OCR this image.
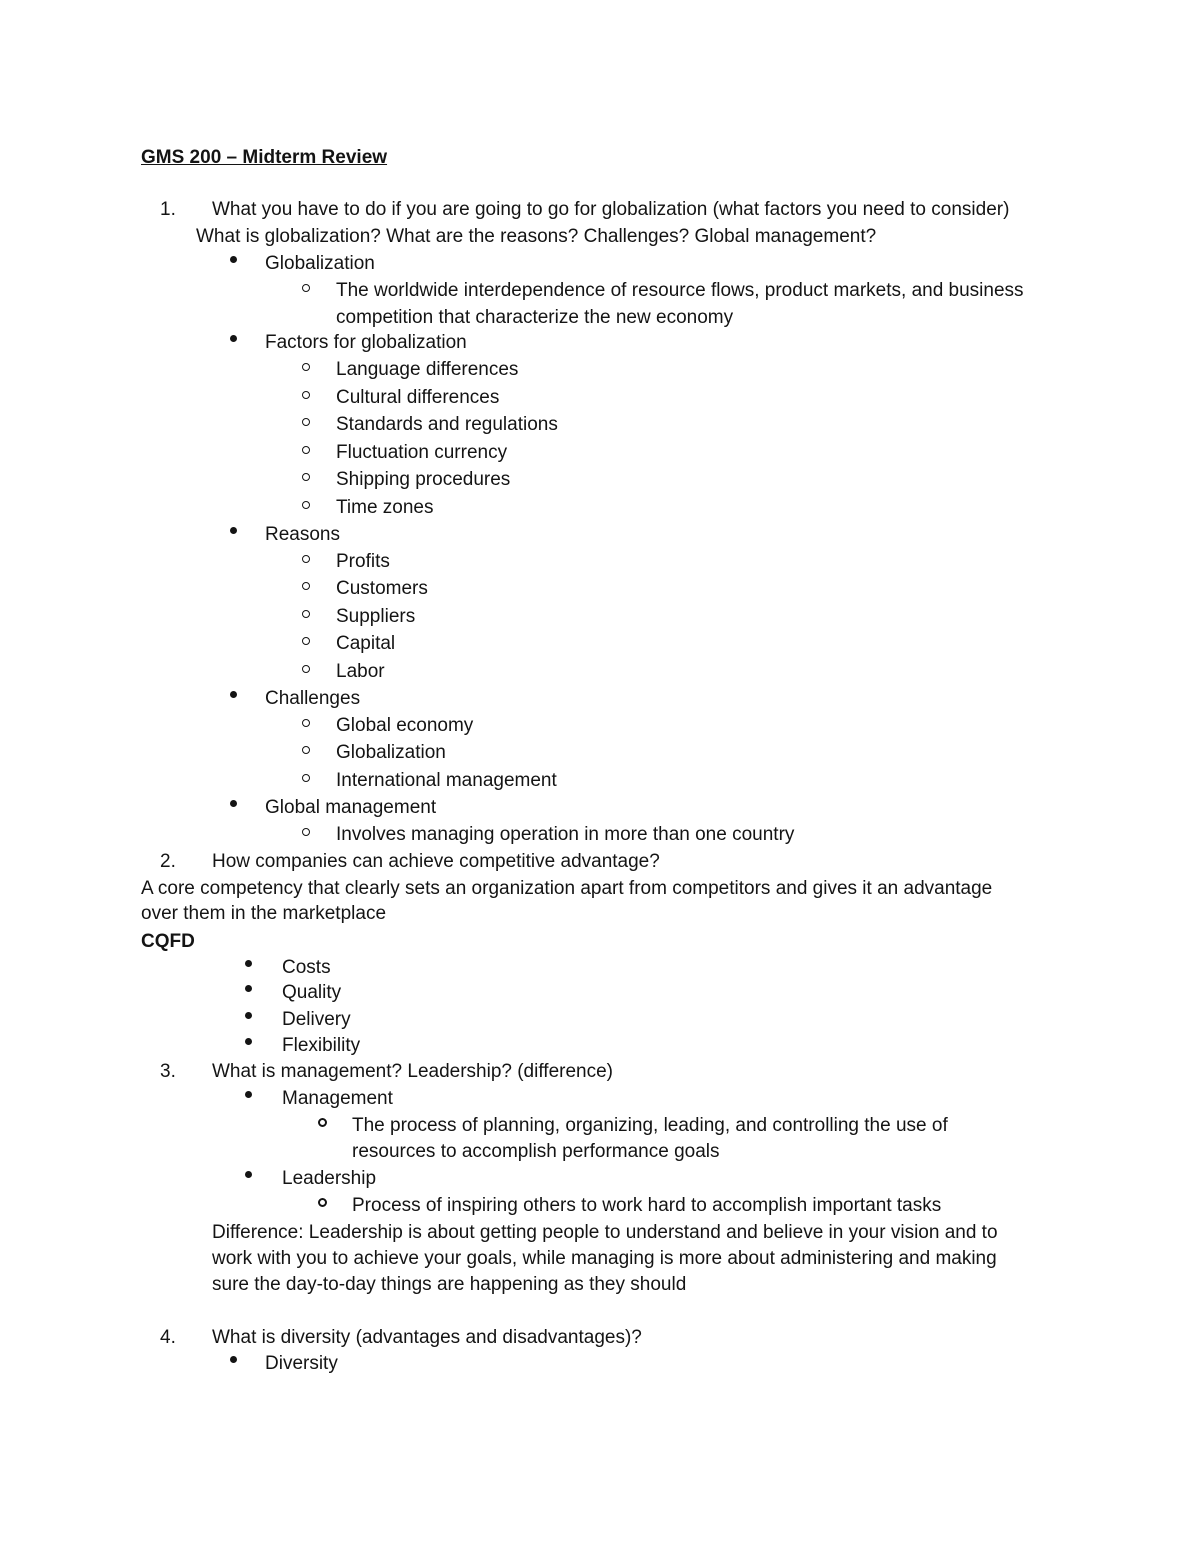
GMS 200 – Midterm Review
1. What you have to do if you are going to go for globalization (what factors you need to consider)
What is globalization? What are the reasons? Challenges? Global management?
Globalization
The worldwide interdependence of resource flows, product markets, and business
competition that characterize the new economy
Factors for globalization
Language differences
Cultural differences
Standards and regulations
Fluctuation currency
Shipping procedures
Time zones
Reasons
Profits
Customers
Suppliers
Capital
Labor
Challenges
Global economy
Globalization
International management
Global management
Involves managing operation in more than one country
2. How companies can achieve competitive advantage?
A core competency that clearly sets an organization apart from competitors and gives it an advantage
over them in the marketplace
CQFD
Costs
Quality
Delivery
Flexibility
3. What is management? Leadership? (difference)
Management
The process of planning, organizing, leading, and controlling the use of
resources to accomplish performance goals
Leadership
Process of inspiring others to work hard to accomplish important tasks
Difference: Leadership is about getting people to understand and believe in your vision and to
work with you to achieve your goals, while managing is more about administering and making
sure the day-to-day things are happening as they should
4. What is diversity (advantages and disadvantages)?
Diversity
